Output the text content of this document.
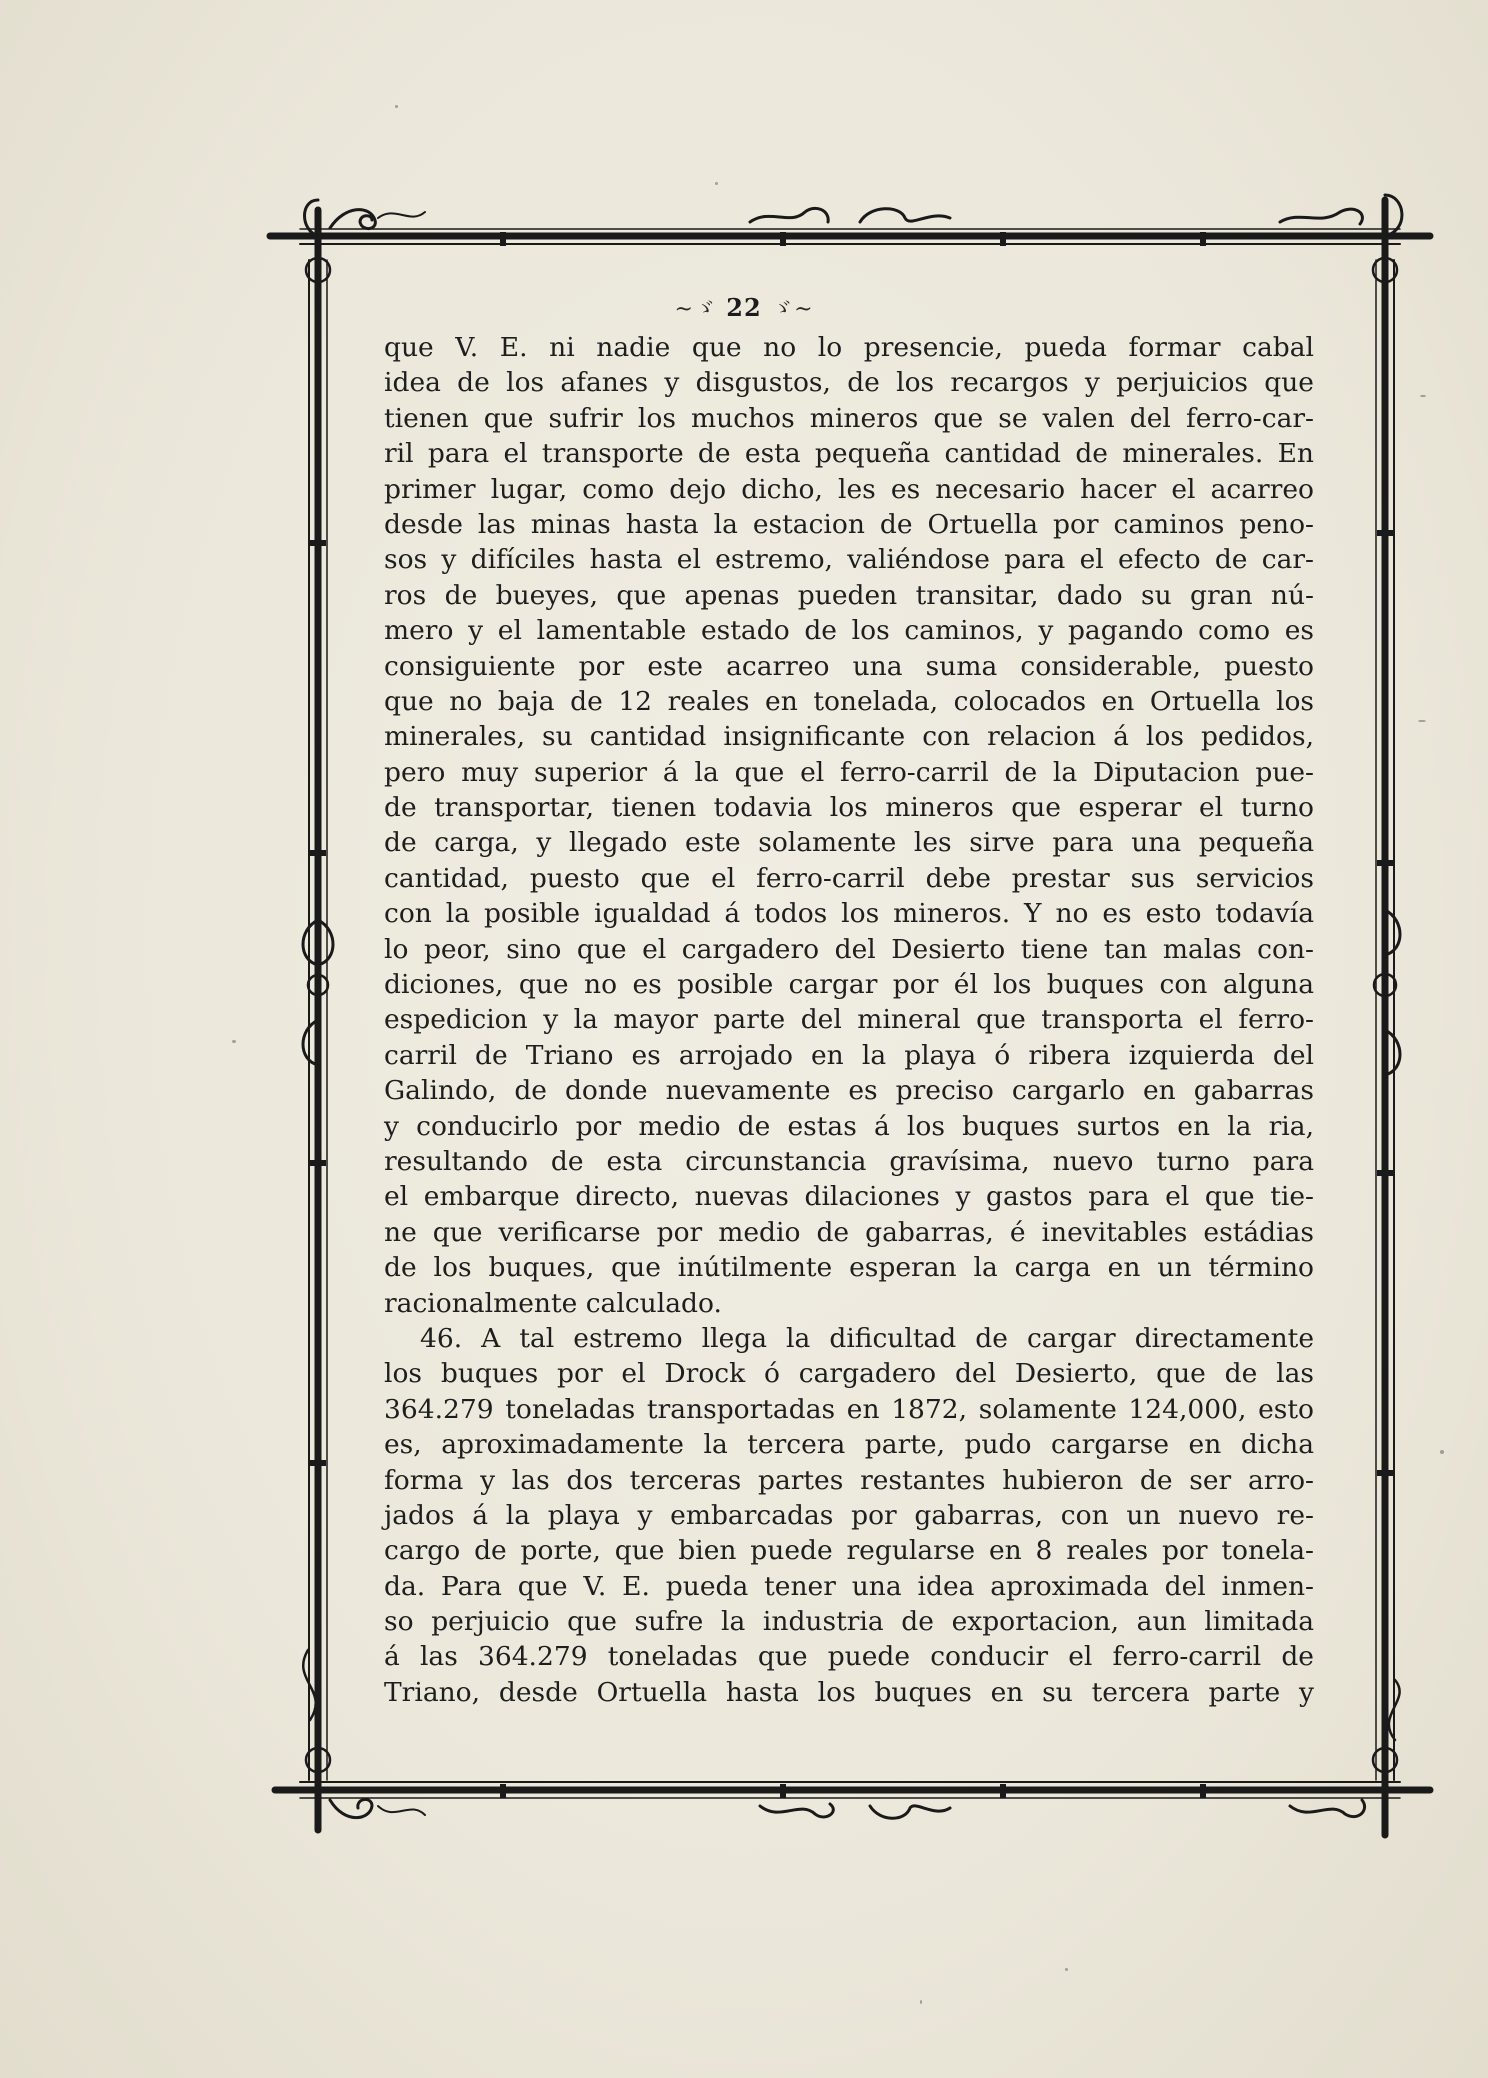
~ゞ 22 ゞ~
que V. E. ni nadie que no lo presencie, pueda formar cabal
idea de los afanes y disgustos, de los recargos y perjuicios que
tienen que sufrir los muchos mineros que se valen del ferro-car-
ril para el transporte de esta pequeña cantidad de minerales. En
primer lugar, como dejo dicho, les es necesario hacer el acarreo
desde las minas hasta la estacion de Ortuella por caminos peno-
sos y difíciles hasta el estremo, valiéndose para el efecto de car-
ros de bueyes, que apenas pueden transitar, dado su gran nú-
mero y el lamentable estado de los caminos, y pagando como es
consiguiente por este acarreo una suma considerable, puesto
que no baja de 12 reales en tonelada, colocados en Ortuella los
minerales, su cantidad insignificante con relacion á los pedidos,
pero muy superior á la que el ferro-carril de la Diputacion pue-
de transportar, tienen todavia los mineros que esperar el turno
de carga, y llegado este solamente les sirve para una pequeña
cantidad, puesto que el ferro-carril debe prestar sus servicios
con la posible igualdad á todos los mineros. Y no es esto todavía
lo peor, sino que el cargadero del Desierto tiene tan malas con-
diciones, que no es posible cargar por él los buques con alguna
espedicion y la mayor parte del mineral que transporta el ferro-
carril de Triano es arrojado en la playa ó ribera izquierda del
Galindo, de donde nuevamente es preciso cargarlo en gabarras
y conducirlo por medio de estas á los buques surtos en la ria,
resultando de esta circunstancia gravísima, nuevo turno para
el embarque directo, nuevas dilaciones y gastos para el que tie-
ne que verificarse por medio de gabarras, é inevitables estádias
de los buques, que inútilmente esperan la carga en un término
racionalmente calculado.
46. A tal estremo llega la dificultad de cargar directamente
los buques por el Drock ó cargadero del Desierto, que de las
364.279 toneladas transportadas en 1872, solamente 124,000, esto
es, aproximadamente la tercera parte, pudo cargarse en dicha
forma y las dos terceras partes restantes hubieron de ser arro-
jados á la playa y embarcadas por gabarras, con un nuevo re-
cargo de porte, que bien puede regularse en 8 reales por tonela-
da. Para que V. E. pueda tener una idea aproximada del inmen-
so perjuicio que sufre la industria de exportacion, aun limitada
á las 364.279 toneladas que puede conducir el ferro-carril de
Triano, desde Ortuella hasta los buques en su tercera parte y
